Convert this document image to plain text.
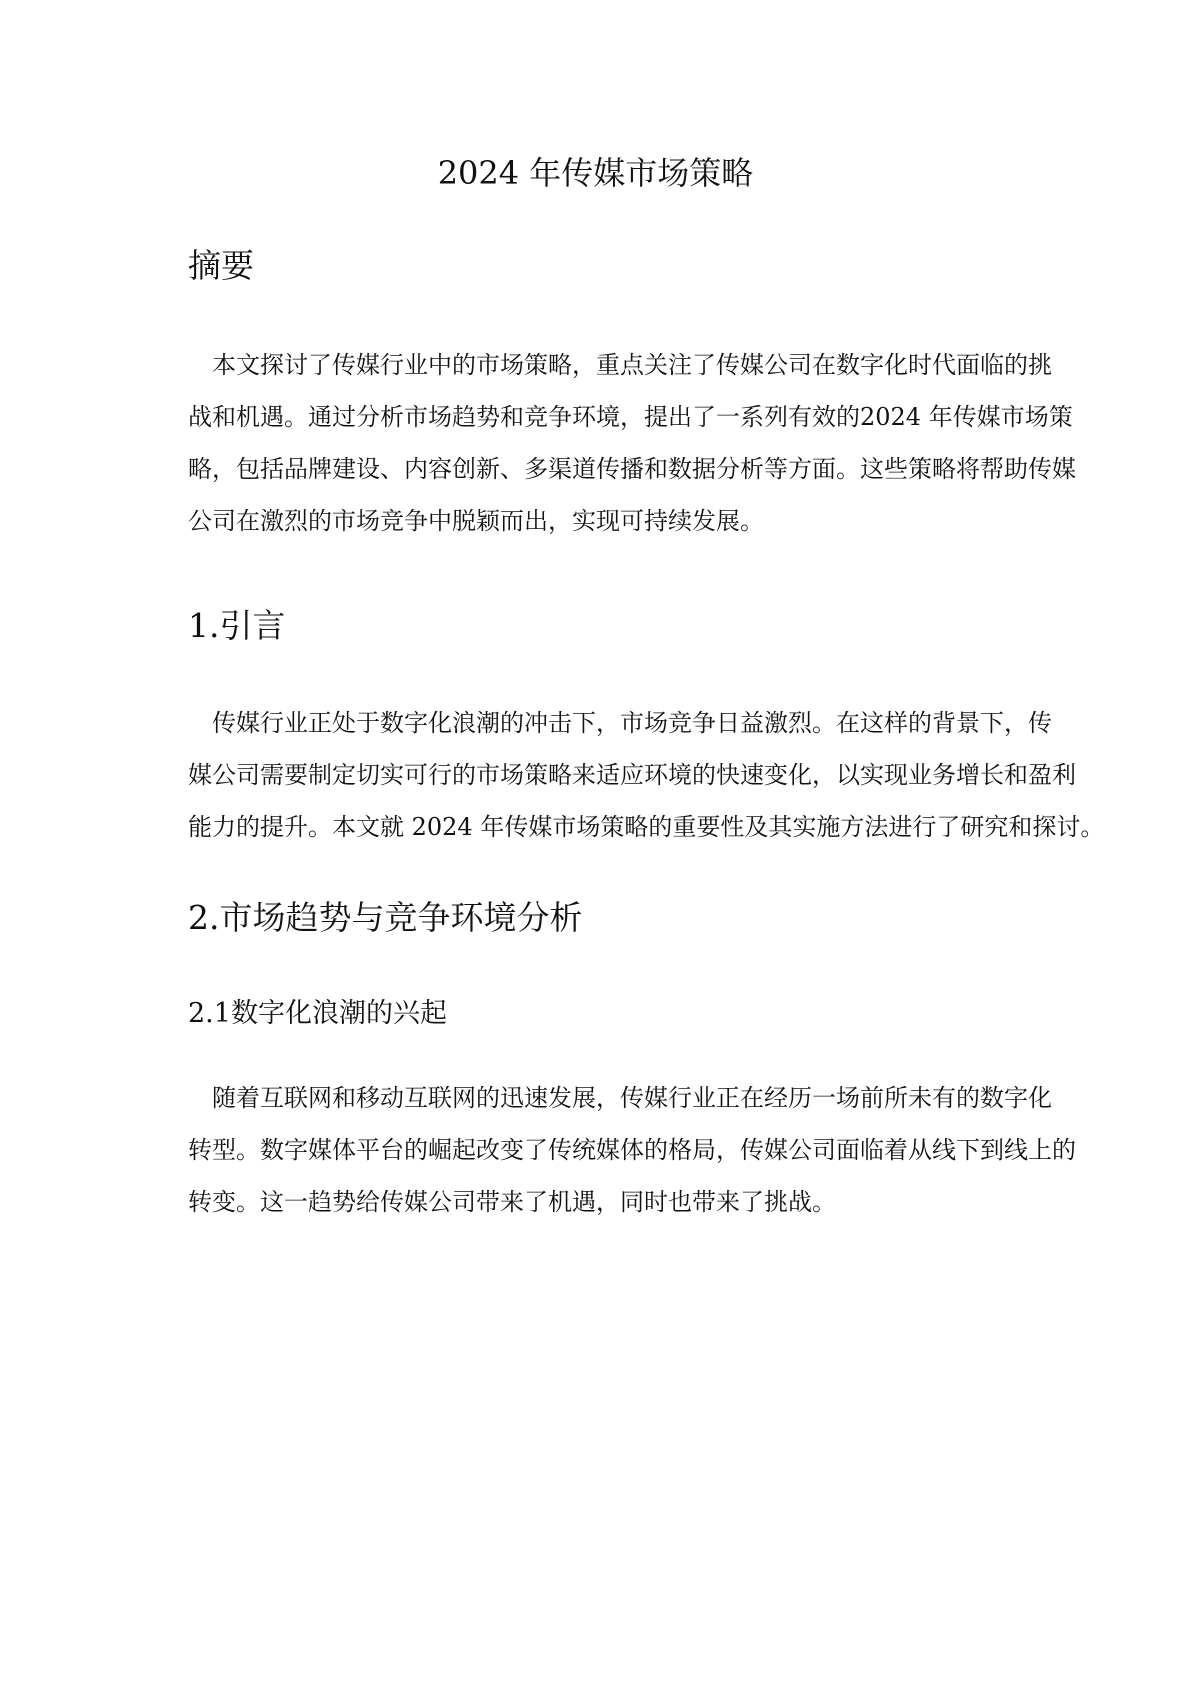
2024 年传媒市场策略
摘要

　本文探讨了传媒行业中的市场策略，重点关注了传媒公司在数字化时代面临的挑
战和机遇。通过分析市场趋势和竞争环境，提出了一系列有效的2024 年传媒市场策
略，包括品牌建设、内容创新、多渠道传播和数据分析等方面。这些策略将帮助传媒
公司在激烈的市场竞争中脱颖而出，实现可持续发展。

1.引言

　传媒行业正处于数字化浪潮的冲击下，市场竞争日益激烈。在这样的背景下，传
媒公司需要制定切实可行的市场策略来适应环境的快速变化，以实现业务增长和盈利
能力的提升。本文就 2024 年传媒市场策略的重要性及其实施方法进行了研究和探讨。

2.市场趋势与竞争环境分析
2.1数字化浪潮的兴起

　随着互联网和移动互联网的迅速发展，传媒行业正在经历一场前所未有的数字化
转型。数字媒体平台的崛起改变了传统媒体的格局，传媒公司面临着从线下到线上的
转变。这一趋势给传媒公司带来了机遇，同时也带来了挑战。
